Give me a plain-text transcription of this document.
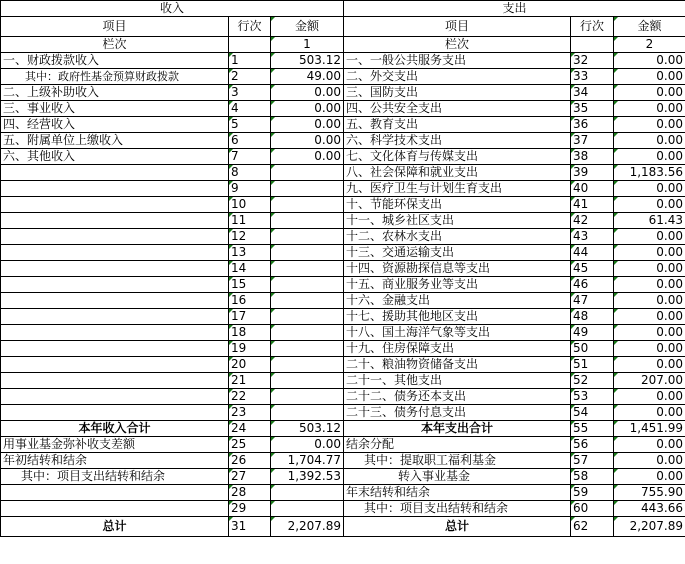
收入			支出		
项目	行次	金额	项目	行次	金额
栏次		1	栏次		2
一、财政拨款收入	1	503.12	一、一般公共服务支出	32	0.00
其中：政府性基金预算财政拨款	2	49.00	二、外交支出	33	0.00
二、上级补助收入	3	0.00	三、国防支出	34	0.00
三、事业收入	4	0.00	四、公共安全支出	35	0.00
四、经营收入	5	0.00	五、教育支出	36	0.00
五、附属单位上缴收入	6	0.00	六、科学技术支出	37	0.00
六、其他收入	7	0.00	七、文化体育与传媒支出	38	0.00
	8		八、社会保障和就业支出	39	1,183.56
	9		九、医疗卫生与计划生育支出	40	0.00
	10		十、节能环保支出	41	0.00
	11		十一、城乡社区支出	42	61.43
	12		十二、农林水支出	43	0.00
	13		十三、交通运输支出	44	0.00
	14		十四、资源勘探信息等支出	45	0.00
	15		十五、商业服务业等支出	46	0.00
	16		十六、金融支出	47	0.00
	17		十七、援助其他地区支出	48	0.00
	18		十八、国土海洋气象等支出	49	0.00
	19		十九、住房保障支出	50	0.00
	20		二十、粮油物资储备支出	51	0.00
	21		二十一、其他支出	52	207.00
	22		二十二、债务还本支出	53	0.00
	23		二十三、债务付息支出	54	0.00
本年收入合计	24	503.12	本年支出合计	55	1,451.99
用事业基金弥补收支差额	25	0.00	结余分配	56	0.00
年初结转和结余	26	1,704.77	其中：提取职工福利基金	57	0.00
其中：项目支出结转和结余	27	1,392.53	转入事业基金	58	0.00
	28		年末结转和结余	59	755.90
	29		其中：项目支出结转和结余	60	443.66
总计	31	2,207.89	总计	62	2,207.89
